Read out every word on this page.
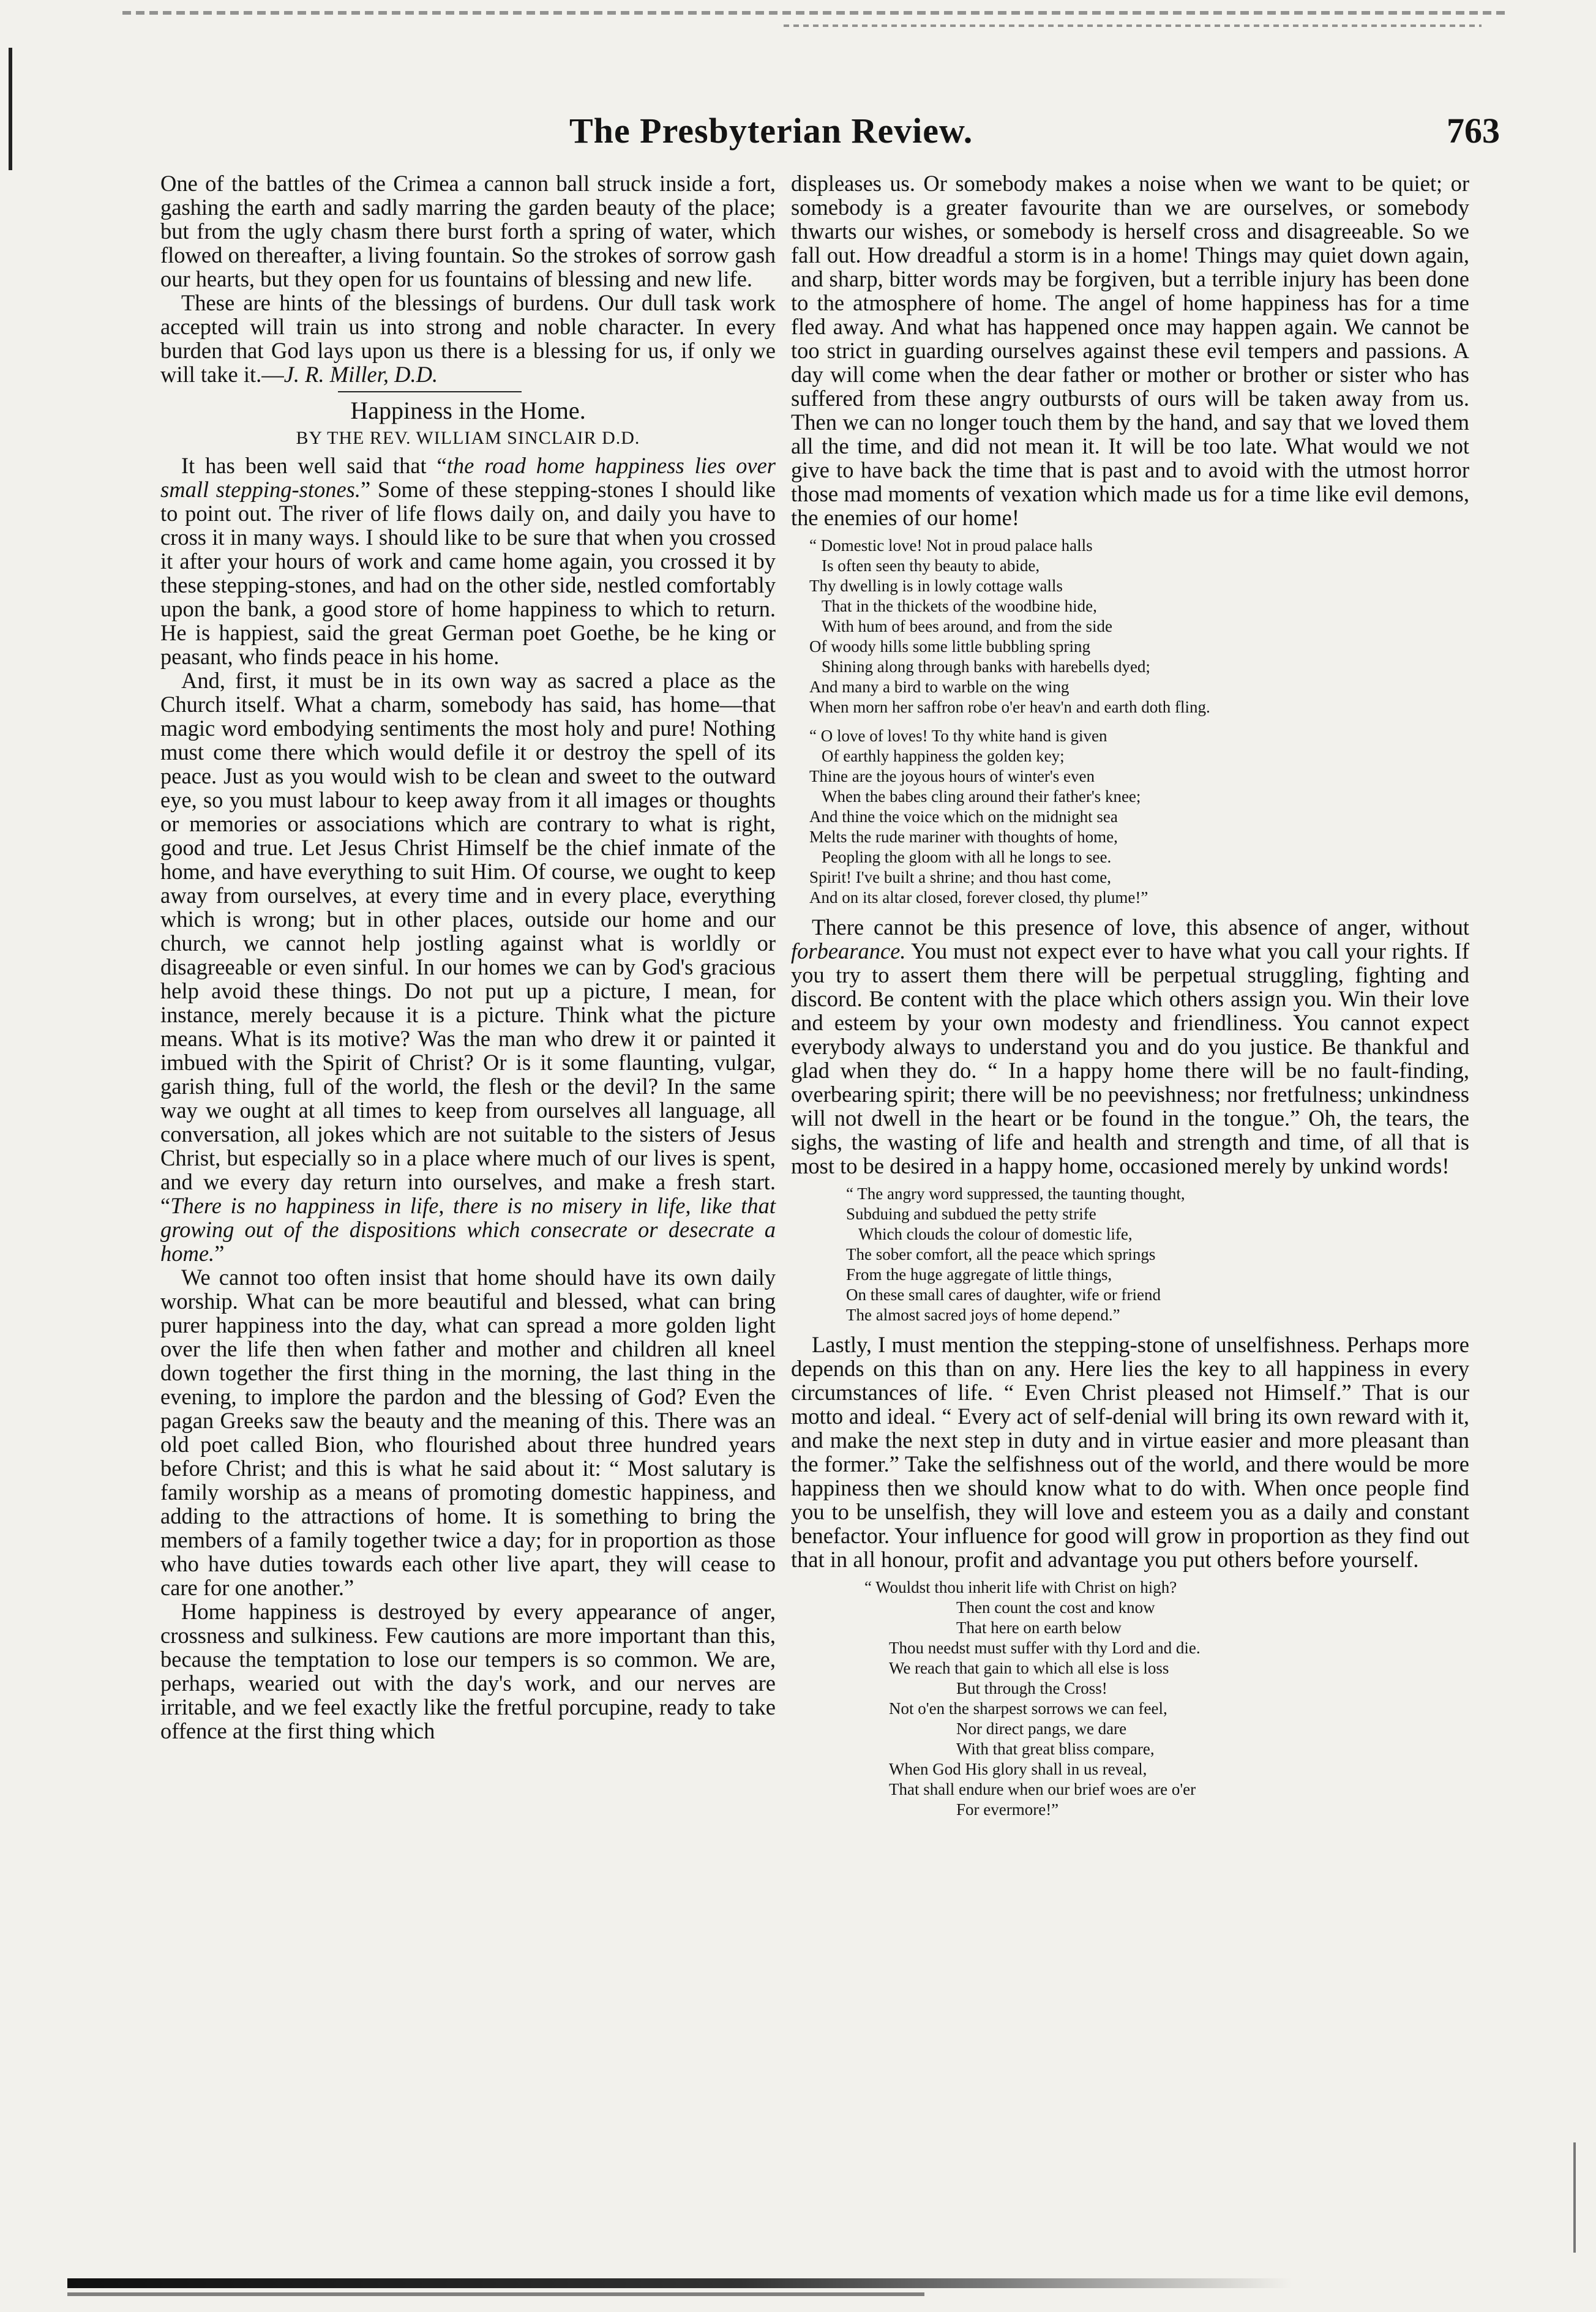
The Presbyterian Review.	763

One of the battles of the Crimea a cannon ball struck inside a fort, gashing the earth and sadly marring the garden beauty of the place; but from the ugly chasm there burst forth a spring of water, which flowed on thereafter, a living fountain. So the strokes of sorrow gash our hearts, but they open for us fountains of blessing and new life.

These are hints of the blessings of burdens. Our dull task work accepted will train us into strong and noble character. In every burden that God lays upon us there is a blessing for us, if only we will take it.—J. R. Miller, D.D.

Happiness in the Home.
BY THE REV. WILLIAM SINCLAIR D.D.

It has been well said that “the road home happiness lies over small stepping-stones.” Some of these stepping-stones I should like to point out. The river of life flows daily on, and daily you have to cross it in many ways. I should like to be sure that when you crossed it after your hours of work and came home again, you crossed it by these stepping-stones, and had on the other side, nestled comfortably upon the bank, a good store of home happiness to which to return. He is happiest, said the great German poet Goethe, be he king or peasant, who finds peace in his home.

And, first, it must be in its own way as sacred a place as the Church itself. What a charm, somebody has said, has home—that magic word embodying sentiments the most holy and pure! Nothing must come there which would defile it or destroy the spell of its peace. Just as you would wish to be clean and sweet to the outward eye, so you must labour to keep away from it all images or thoughts or memories or associations which are contrary to what is right, good and true. Let Jesus Christ Himself be the chief inmate of the home, and have everything to suit Him. Of course, we ought to keep away from ourselves, at every time and in every place, everything which is wrong; but in other places, outside our home and our church, we cannot help jostling against what is worldly or disagreeable or even sinful. In our homes we can by God's gracious help avoid these things. Do not put up a picture, I mean, for instance, merely because it is a picture. Think what the picture means. What is its motive? Was the man who drew it or painted it imbued with the Spirit of Christ? Or is it some flaunting, vulgar, garish thing, full of the world, the flesh or the devil? In the same way we ought at all times to keep from ourselves all language, all conversation, all jokes which are not suitable to the sisters of Jesus Christ, but especially so in a place where much of our lives is spent, and we every day return into ourselves, and make a fresh start. “There is no happiness in life, there is no misery in life, like that growing out of the dispositions which consecrate or desecrate a home.”

We cannot too often insist that home should have its own daily worship. What can be more beautiful and blessed, what can bring purer happiness into the day, what can spread a more golden light over the life then when father and mother and children all kneel down together the first thing in the morning, the last thing in the evening, to implore the pardon and the blessing of God? Even the pagan Greeks saw the beauty and the meaning of this. There was an old poet called Bion, who flourished about three hundred years before Christ; and this is what he said about it: “ Most salutary is family worship as a means of promoting domestic happiness, and adding to the attractions of home. It is something to bring the members of a family together twice a day; for in proportion as those who have duties towards each other live apart, they will cease to care for one another.”

Home happiness is destroyed by every appearance of anger, crossness and sulkiness. Few cautions are more important than this, because the temptation to lose our tempers is so common. We are, perhaps, wearied out with the day's work, and our nerves are irritable, and we feel exactly like the fretful porcupine, ready to take offence at the first thing which

displeases us. Or somebody makes a noise when we want to be quiet; or somebody is a greater favourite than we are ourselves, or somebody thwarts our wishes, or somebody is herself cross and disagreeable. So we fall out. How dreadful a storm is in a home! Things may quiet down again, and sharp, bitter words may be forgiven, but a terrible injury has been done to the atmosphere of home. The angel of home happiness has for a time fled away. And what has happened once may happen again. We cannot be too strict in guarding ourselves against these evil tempers and passions. A day will come when the dear father or mother or brother or sister who has suffered from these angry outbursts of ours will be taken away from us. Then we can no longer touch them by the hand, and say that we loved them all the time, and did not mean it. It will be too late. What would we not give to have back the time that is past and to avoid with the utmost horror those mad moments of vexation which made us for a time like evil demons, the enemies of our home!

“ Domestic love! Not in proud palace halls
Is often seen thy beauty to abide,
Thy dwelling is in lowly cottage walls
That in the thickets of the woodbine hide,
With hum of bees around, and from the side
Of woody hills some little bubbling spring
Shining along through banks with harebells dyed;
And many a bird to warble on the wing
When morn her saffron robe o'er heav'n and earth doth fling.
“ O love of loves! To thy white hand is given
Of earthly happiness the golden key;
Thine are the joyous hours of winter's even
When the babes cling around their father's knee;
And thine the voice which on the midnight sea
Melts the rude mariner with thoughts of home,
Peopling the gloom with all he longs to see.
Spirit! I've built a shrine; and thou hast come,
And on its altar closed, forever closed, thy plume!”

There cannot be this presence of love, this absence of anger, without forbearance. You must not expect ever to have what you call your rights. If you try to assert them there will be perpetual struggling, fighting and discord. Be content with the place which others assign you. Win their love and esteem by your own modesty and friendliness. You cannot expect everybody always to understand you and do you justice. Be thankful and glad when they do. “ In a happy home there will be no fault-finding, overbearing spirit; there will be no peevishness; nor fretfulness; unkindness will not dwell in the heart or be found in the tongue.” Oh, the tears, the sighs, the wasting of life and health and strength and time, of all that is most to be desired in a happy home, occasioned merely by unkind words!

“ The angry word suppressed, the taunting thought,
Subduing and subdued the petty strife
Which clouds the colour of domestic life,
The sober comfort, all the peace which springs
From the huge aggregate of little things,
On these small cares of daughter, wife or friend
The almost sacred joys of home depend.”

Lastly, I must mention the stepping-stone of unselfishness. Perhaps more depends on this than on any. Here lies the key to all happiness in every circumstances of life. “ Even Christ pleased not Himself.” That is our motto and ideal. “ Every act of self-denial will bring its own reward with it, and make the next step in duty and in virtue easier and more pleasant than the former.” Take the selfishness out of the world, and there would be more happiness then we should know what to do with. When once people find you to be unselfish, they will love and esteem you as a daily and constant benefactor. Your influence for good will grow in proportion as they find out that in all honour, profit and advantage you put others before yourself.

“ Wouldst thou inherit life with Christ on high?
Then count the cost and know
That here on earth below
Thou needst must suffer with thy Lord and die.
We reach that gain to which all else is loss
But through the Cross!
Not o'en the sharpest sorrows we can feel,
Nor direct pangs, we dare
With that great bliss compare,
When God His glory shall in us reveal,
That shall endure when our brief woes are o'er
For evermore!”
